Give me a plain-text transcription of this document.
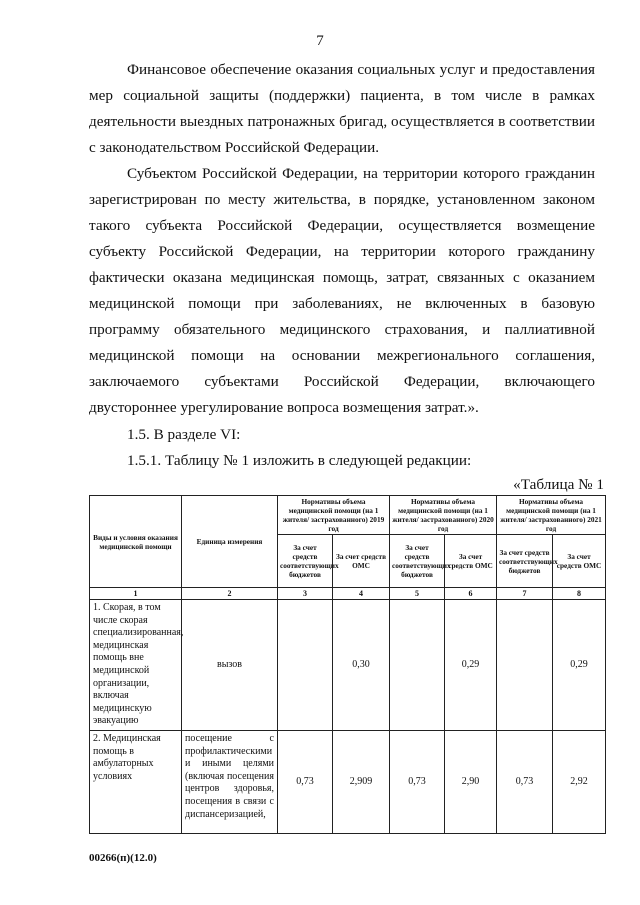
7

Финансовое обеспечение оказания социальных услуг и предоставления мер социальной защиты (поддержки) пациента, в том числе в рамках деятельности выездных патронажных бригад, осуществляется в соответствии с законодательством Российской Федерации.

Субъектом Российской Федерации, на территории которого гражданин зарегистрирован по месту жительства, в порядке, установленном законом такого субъекта Российской Федерации, осуществляется возмещение субъекту Российской Федерации, на территории которого гражданину фактически оказана медицинская помощь, затрат, связанных с оказанием медицинской помощи при заболеваниях, не включенных в базовую программу обязательного медицинского страхования, и паллиативной медицинской помощи на основании межрегионального соглашения, заключаемого субъектами Российской Федерации, включающего двустороннее урегулирование вопроса возмещения затрат.».

1.5. В разделе VI:

1.5.1. Таблицу № 1 изложить в следующей редакции:

«Таблица № 1

Виды и условия оказания медицинской помощи	Единица измерения	Нормативы объема медицинской помощи (на 1 жителя/ застрахованного) 2019 год		Нормативы объема медицинской помощи (на 1 жителя/ застрахованного) 2020 год		Нормативы объема медицинской помощи (на 1 жителя/ застрахованного) 2021 год	
		За счет средств соответствующих бюджетов	За счет средств ОМС	За счет средств соответствующих бюджетов	За счет средств ОМС	За счет средств соответствующих бюджетов	За счет средств ОМС
1	2	3	4	5	6	7	8
1. Скорая, в том числе скорая специализированная, медицинская помощь вне медицинской организации, включая медицинскую эвакуацию	вызов		0,30		0,29		0,29
2. Медицинская помощь в амбулаторных условиях	посещение с профилактическими и иными целями (включая посещения центров здоровья, посещения в связи с диспансеризацией,	0,73	2,909	0,73	2,90	0,73	2,92
00266(п)(12.0)
